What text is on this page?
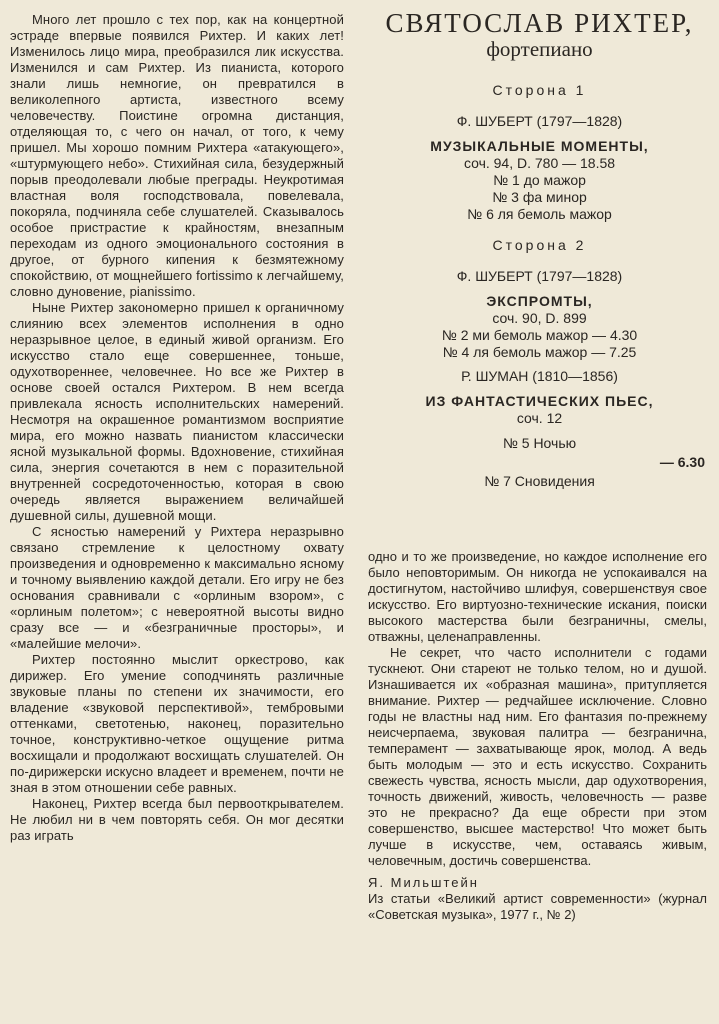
Много лет прошло с тех пор, как на концертной эстраде впервые появился Рихтер. И каких лет! Изменилось лицо мира, преобразился лик искусства. Изменился и сам Рихтер. Из пианиста, которого знали лишь немногие, он превратился в великолепного артиста, известного всему человечеству. Поистине огромна дистанция, отделяющая то, с чего он начал, от того, к чему пришел. Мы хорошо помним Рихтера «атакующего», «штурмующего небо». Стихийная сила, безудержный порыв преодолевали любые преграды. Неукротимая властная воля господствовала, повелевала, покоряла, подчиняла себе слушателей. Сказывалось особое пристрастие к крайностям, внезапным переходам из одного эмоционального состояния в другое, от бурного кипения к безмятежному спокойствию, от мощнейшего fortissimo к легчайшему, словно дуновение, pianissimo.

Ныне Рихтер закономерно пришел к органичному слиянию всех элементов исполнения в одно неразрывное целое, в единый живой организм. Его искусство стало еще совершеннее, тоньше, одухотвореннее, человечнее. Но все же Рихтер в основе своей остался Рихтером. В нем всегда привлекала ясность исполнительских намерений. Несмотря на окрашенное романтизмом восприятие мира, его можно назвать пианистом классически ясной музыкальной формы. Вдохновение, стихийная сила, энергия сочетаются в нем с поразительной внутренней сосредоточенностью, которая в свою очередь является выражением величайшей душевной силы, душевной мощи.

С ясностью намерений у Рихтера неразрывно связано стремление к целостному охвату произведения и одновременно к максимально ясному и точному выявлению каждой детали. Его игру не без основания сравнивали с «орлиным взором», с «орлиным полетом»; с невероятной высоты видно сразу все — и «безграничные просторы», и «малейшие мелочи».

Рихтер постоянно мыслит оркестрово, как дирижер. Его умение соподчинять различные звуковые планы по степени их значимости, его владение «звуковой перспективой», тембровыми оттенками, светотенью, наконец, поразительно точное, конструктивно-четкое ощущение ритма восхищали и продолжают восхищать слушателей. Он по-дирижерски искусно владеет и временем, почти не зная в этом отношении себе равных.

Наконец, Рихтер всегда был первооткрывателем. Не любил ни в чем повторять себя. Он мог десятки раз играть

СВЯТОСЛАВ РИХТЕР,
фортепиано
Сторона 1
Ф. ШУБЕРТ (1797—1828)
МУЗЫКАЛЬНЫЕ МОМЕНТЫ,
соч. 94, D. 780 — 18.58
№ 1 до мажор
№ 3 фа минор
№ 6 ля бемоль мажор
Сторона 2
Ф. ШУБЕРТ (1797—1828)
ЭКСПРОМТЫ,
соч. 90, D. 899
№ 2 ми бемоль мажор — 4.30
№ 4 ля бемоль мажор — 7.25
Р. ШУМАН (1810—1856)
ИЗ ФАНТАСТИЧЕСКИХ ПЬЕС,
соч. 12
№ 5 Ночью
— 6.30
№ 7 Сновидения

одно и то же произведение, но каждое исполнение его было неповторимым. Он никогда не успокаивался на достигнутом, настойчиво шлифуя, совершенствуя свое искусство. Его виртуозно-технические искания, поиски высокого мастерства были безграничны, смелы, отважны, целенаправленны.

Не секрет, что часто исполнители с годами тускнеют. Они стареют не только телом, но и душой. Изнашивается их «образная машина», притупляется внимание. Рихтер — редчайшее исключение. Словно годы не властны над ним. Его фантазия по-прежнему неисчерпаема, звуковая палитра — безгранична, темперамент — захватывающе ярок, молод. А ведь быть молодым — это и есть искусство. Сохранить свежесть чувства, ясность мысли, дар одухотворения, точность движений, живость, человечность — разве это не прекрасно? Да еще обрести при этом совершенство, высшее мастерство! Что может быть лучше в искусстве, чем, оставаясь живым, человечным, достичь совершенства.

Я. Мильштейн

Из статьи «Великий артист современности» (журнал «Советская музыка», 1977 г., № 2)
